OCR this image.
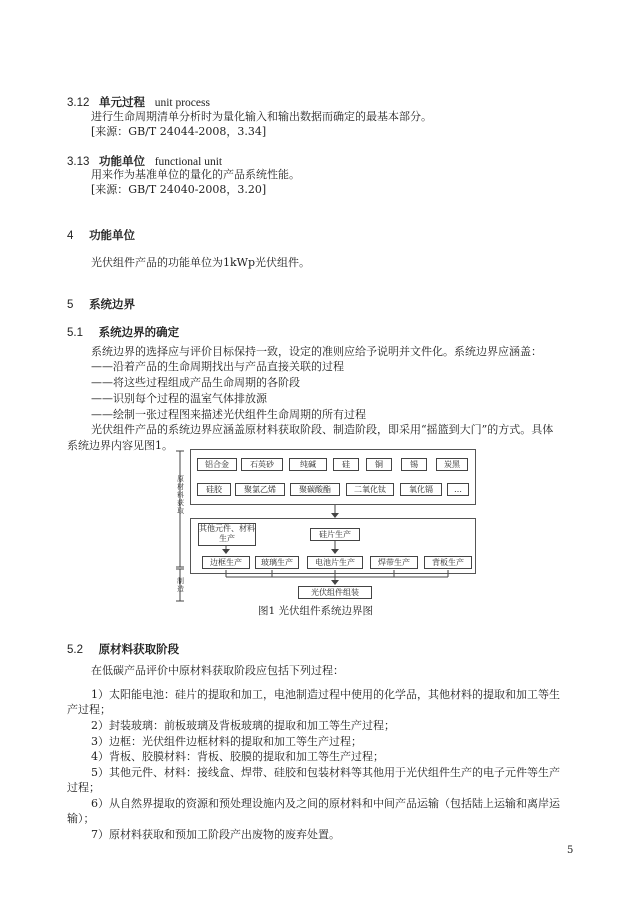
3.12 单元过程 unit process
进行生命周期清单分析时为量化输入和输出数据而确定的最基本部分。
[来源：GB/T 24044-2008，3.34]
3.13 功能单位 functional unit
用来作为基准单位的量化的产品系统性能。
[来源：GB/T 24040-2008，3.20]
4 功能单位
光伏组件产品的功能单位为1kWp光伏组件。
5 系统边界
5.1 系统边界的确定
系统边界的选择应与评价目标保持一致，设定的准则应给予说明并文件化。系统边界应涵盖：
——沿着产品的生命周期找出与产品直接关联的过程
——将这些过程组成产品生命周期的各阶段
——识别每个过程的温室气体排放源
——绘制一张过程图来描述光伏组件生命周期的所有过程
光伏组件产品的系统边界应涵盖原材料获取阶段、制造阶段，即采用“摇篮到大门”的方式。具体
系统边界内容见图1。
原材料获取
制造
铝合金	石英砂	纯碱	硅	铜	锡	炭黑
硅胶	聚氯乙烯	聚碳酸酯	二氧化钛	氧化镉	…
其他元件、材料生产	硅片生产
边框生产	玻璃生产	电池片生产	焊带生产	背板生产
光伏组件组装
图1 光伏组件系统边界图
5.2 原材料获取阶段
在低碳产品评价中原材料获取阶段应包括下列过程：
1）太阳能电池：硅片的提取和加工，电池制造过程中使用的化学品，其他材料的提取和加工等生
产过程；
2）封装玻璃：前板玻璃及背板玻璃的提取和加工等生产过程；
3）边框：光伏组件边框材料的提取和加工等生产过程；
4）背板、胶膜材料：背板、胶膜的提取和加工等生产过程；
5）其他元件、材料：接线盒、焊带、硅胶和包装材料等其他用于光伏组件生产的电子元件等生产
过程；
6）从自然界提取的资源和预处理设施内及之间的原材料和中间产品运输（包括陆上运输和离岸运
输）；
7）原材料获取和预加工阶段产出废物的废弃处置。
5
